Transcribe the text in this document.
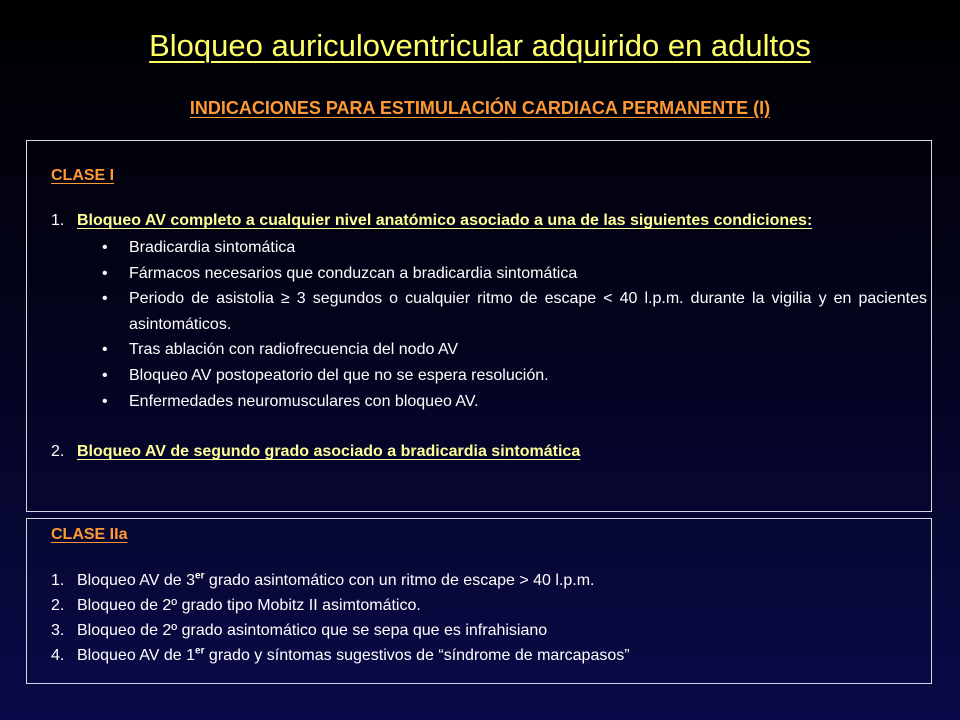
Bloqueo auriculoventricular adquirido en adultos
INDICACIONES PARA ESTIMULACIÓN CARDIACA PERMANENTE (I)
CLASE I
1. Bloqueo AV completo a cualquier nivel anatómico asociado a una de las siguientes condiciones:
• Bradicardia sintomática
• Fármacos necesarios que conduzcan a bradicardia sintomática
• Periodo de asistolia ≥ 3 segundos o cualquier ritmo de escape < 40 l.p.m. durante la vigilia y en pacientes asintomáticos.
• Tras ablación con radiofrecuencia del nodo AV
• Bloqueo AV postopeatorio del que no se espera resolución.
• Enfermedades neuromusculares con bloqueo AV.
2. Bloqueo AV de segundo grado asociado a bradicardia sintomática
CLASE IIa
1. Bloqueo AV de 3er grado asintomático con un ritmo de escape > 40 l.p.m.
2. Bloqueo de 2º grado tipo Mobitz II asimtomático.
3. Bloqueo de 2º grado asintomático que se sepa que es infrahisiano
4. Bloqueo AV de 1er grado y síntomas sugestivos de “síndrome de marcapasos”
